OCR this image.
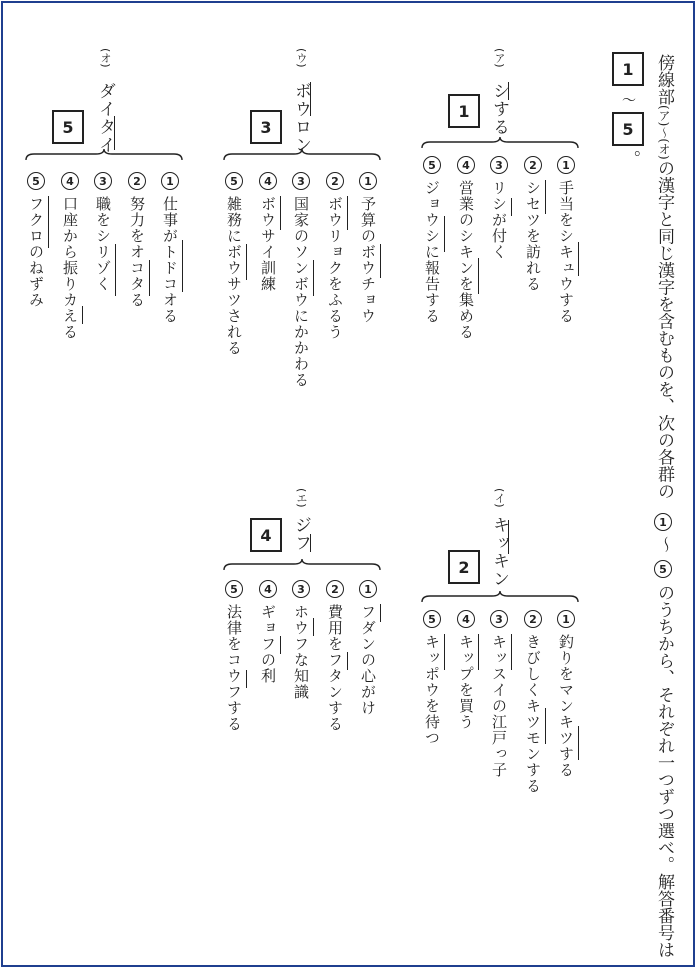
1
～
5
。
傍線部(ア)～(オ)の漢字と同じ漢字を含むものを、次の各群の
1
～
5
のうちから、それぞれ一つずつ選べ。解答番号は
(ア)
シする
1
1
手当をシキュウする
2
シセツを訪れる
3
リシが付く
4
営業のシキンを集める
5
ジョウシに報告する
(イ)
キッキン
2
1
釣りをマンキツする
2
きびしくキツモンする
3
キッスイの江戸っ子
4
キップを買う
5
キッポウを待つ
(ウ)
ボウロン
3
1
予算のボウチョウ
2
ボウリョクをふるう
3
国家のソンボウにかかわる
4
ボウサイ訓練
5
雑務にボウサツされる
(エ)
ジフ
4
1
フダンの心がけ
2
費用をフタンする
3
ホウフな知識
4
ギョフの利
5
法律をコウフする
(オ)
ダイタイ
5
1
仕事がトドコオる
2
努力をオコタる
3
職をシリゾく
4
口座から振りカえる
5
フクロのねずみ
